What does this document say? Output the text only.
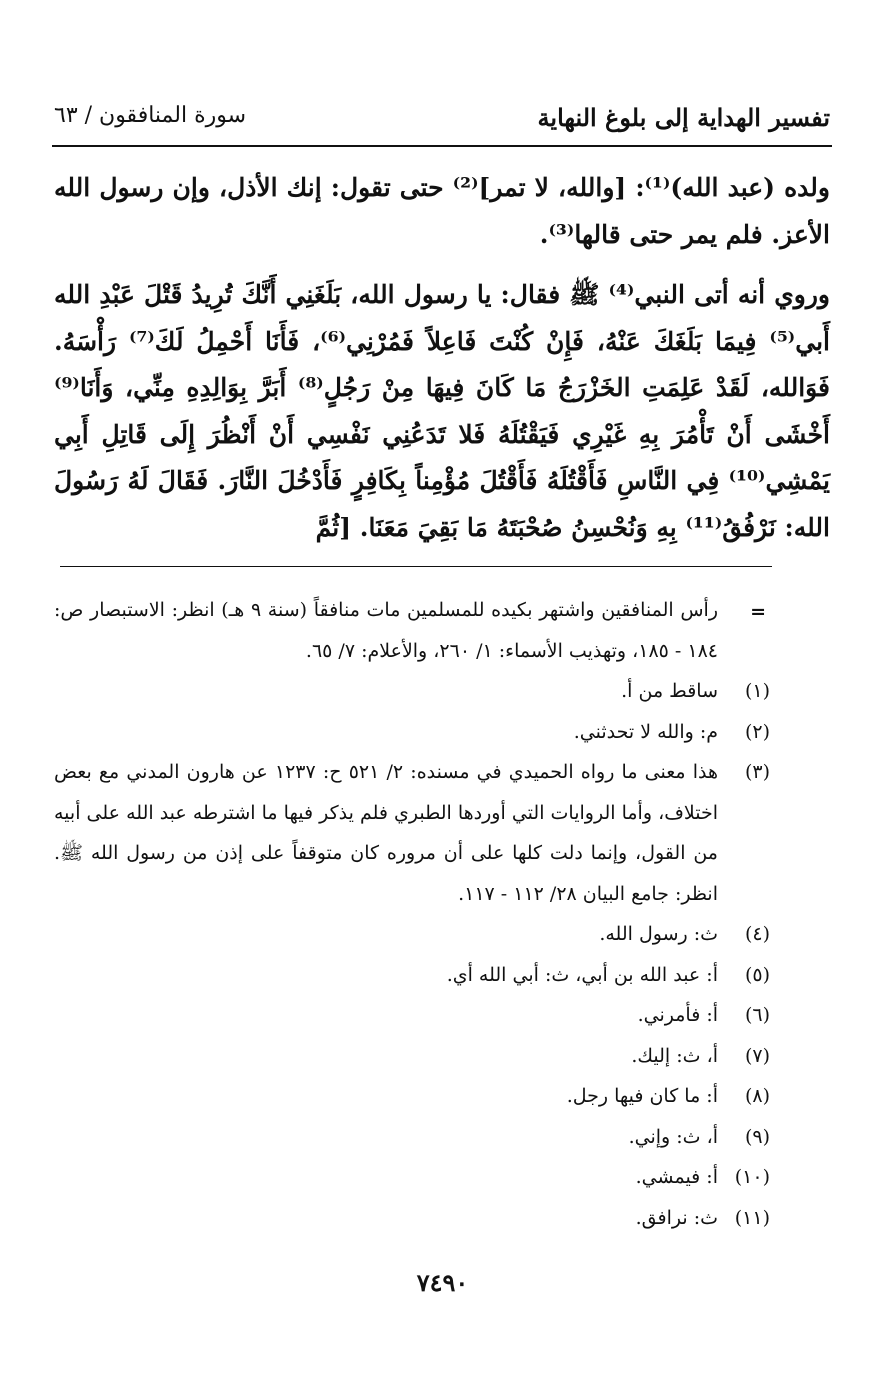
تفسير الهداية إلى بلوغ النهاية
سورة المنافقون / ٦٣

ولده (عبد الله)⁽¹⁾: [والله، لا تمر]⁽²⁾ حتى تقول: إنك الأذل، وإن رسول الله الأعز. فلم يمر حتى قالها⁽³⁾.

وروي أنه أتى النبي⁽⁴⁾ ﷺ فقال: يا رسول الله، بَلَغَنِي أَنَّكَ تُرِيدُ قَتْلَ عَبْدِ الله أَبي⁽⁵⁾ فِيمَا بَلَغَكَ عَنْهُ، فَإِنْ كُنْتَ فَاعِلاً فَمُرْنِي⁽⁶⁾، فَأَنَا أَحْمِلُ لَكَ⁽⁷⁾ رَأْسَهُ. فَوَالله، لَقَدْ عَلِمَتِ الخَزْرَجُ مَا كَانَ فِيهَا مِنْ رَجُلٍ⁽⁸⁾ أَبَرَّ بِوَالِدِهِ مِنِّي، وَأَنَا⁽⁹⁾ أَخْشَى أَنْ تَأْمُرَ بِهِ غَيْرِي فَيَقْتُلَهُ فَلا تَدَعُنِي نَفْسِي أَنْ أَنْظُرَ إِلَى قَاتِلِ أَبِي يَمْشِي⁽¹⁰⁾ فِي النَّاسِ فَأَقْتُلَهُ فَأَقْتُلَ مُؤْمِناً بِكَافِرٍ فَأَدْخُلَ النَّارَ. فَقَالَ لَهُ رَسُولَ الله: نَرْفُقُ⁽¹¹⁾ بِهِ وَنُحْسِنُ صُحْبَتَهُ مَا بَقِيَ مَعَنَا. [ثُمَّ

=
رأس المنافقين واشتهر بكيده للمسلمين مات منافقاً (سنة ٩ هـ) انظر: الاستبصار ص: ١٨٤ - ١٨٥، وتهذيب الأسماء: ١/ ٢٦٠، والأعلام: ٧/ ٦٥.
(١)
ساقط من أ.
(٢)
م: والله لا تحدثني.
(٣)
هذا معنى ما رواه الحميدي في مسنده: ٢/ ٥٢١ ح: ١٢٣٧ عن هارون المدني مع بعض اختلاف، وأما الروايات التي أوردها الطبري فلم يذكر فيها ما اشترطه عبد الله على أبيه من القول، وإنما دلت كلها على أن مروره كان متوقفاً على إذن من رسول الله ﷺ. انظر: جامع البيان ٢٨/ ١١٢ - ١١٧.
(٤)
ث: رسول الله.
(٥)
أ: عبد الله بن أبي، ث: أبي الله أي.
(٦)
أ: فأمرني.
(٧)
أ، ث: إليك.
(٨)
أ: ما كان فيها رجل.
(٩)
أ، ث: وإني.
(١٠)
أ: فيمشي.
(١١)
ث: نرافق.
٧٤٩٠
